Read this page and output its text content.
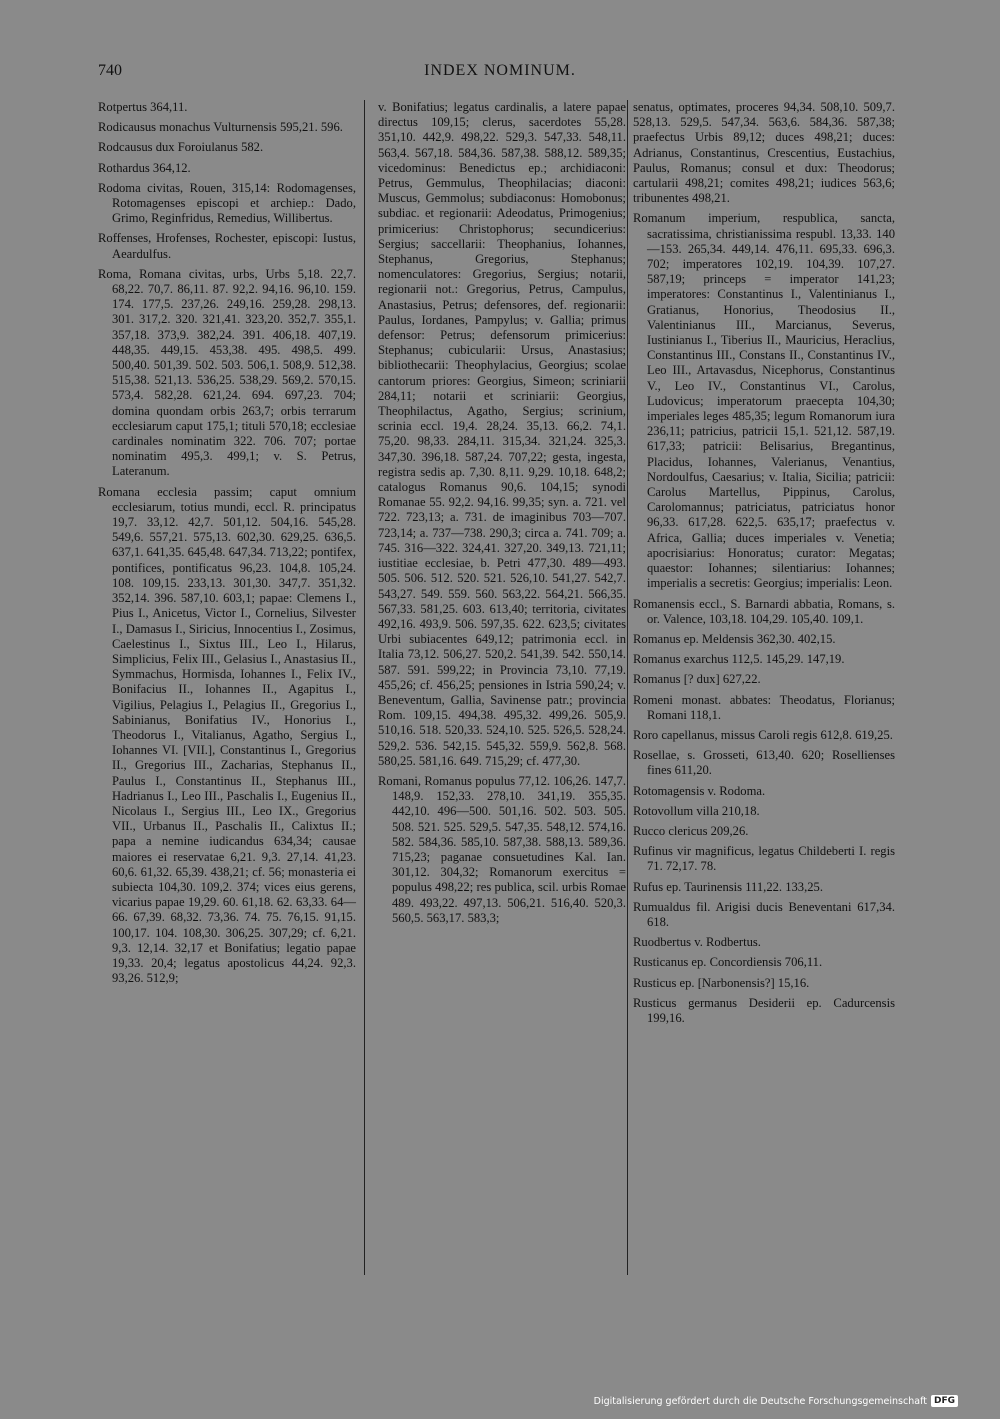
740	INDEX NOMINUM.

Rotpertus 364,11.

Rodicausus monachus Vulturnensis 595,21. 596.

Rodcausus dux Foroiulanus 582.

Rothardus 364,12.

Rodoma civitas, Rouen, 315,14: Rodomagenses, Rotomagenses episcopi et archiep.: Dado, Grimo, Reginfridus, Remedius, Willibertus.

Roffenses, Hrofenses, Rochester, episcopi: Iustus, Aeardulfus.

Roma, Romana civitas, urbs, Urbs 5,18. 22,7. 68,22. 70,7. 86,11. 87. 92,2. 94,16. 96,10. 159. 174. 177,5. 237,26. 249,16. 259,28. 298,13. 301. 317,2. 320. 321,41. 323,20. 352,7. 355,1. 357,18. 373,9. 382,24. 391. 406,18. 407,19. 448,35. 449,15. 453,38. 495. 498,5. 499. 500,40. 501,39. 502. 503. 506,1. 508,9. 512,38. 515,38. 521,13. 536,25. 538,29. 569,2. 570,15. 573,4. 582,28. 621,24. 694. 697,23. 704; domina quondam orbis 263,7; orbis terrarum ecclesiarum caput 175,1; tituli 570,18; ecclesiae cardinales nominatim 322. 706. 707; portae nominatim 495,3. 499,1; v. S. Petrus, Lateranum.

Romana ecclesia passim; caput omnium ecclesiarum, totius mundi, eccl. R. principatus 19,7. 33,12. 42,7. 501,12. 504,16. 545,28. 549,6. 557,21. 575,13. 602,30. 629,25. 636,5. 637,1. 641,35. 645,48. 647,34. 713,22; pontifex, pontifices, pontificatus 96,23. 104,8. 105,24. 108. 109,15. 233,13. 301,30. 347,7. 351,32. 352,14. 396. 587,10. 603,1; papae: Clemens I., Pius I., Anicetus, Victor I., Cornelius, Silvester I., Damasus I., Siricius, Innocentius I., Zosimus, Caelestinus I., Sixtus III., Leo I., Hilarus, Simplicius, Felix III., Gelasius I., Anastasius II., Symmachus, Hormisda, Iohannes I., Felix IV., Bonifacius II., Iohannes II., Agapitus I., Vigilius, Pelagius I., Pelagius II., Gregorius I., Sabinianus, Bonifatius IV., Honorius I., Theodorus I., Vitalianus, Agatho, Sergius I., Iohannes VI. [VII.], Constantinus I., Gregorius II., Gregorius III., Zacharias, Stephanus II., Paulus I., Constantinus II., Stephanus III., Hadrianus I., Leo III., Paschalis I., Eugenius II., Nicolaus I., Sergius III., Leo IX., Gregorius VII., Urbanus II., Paschalis II., Calixtus II.; papa a nemine iudicandus 634,34; causae maiores ei reservatae 6,21. 9,3. 27,14. 41,23. 60,6. 61,32. 65,39. 438,21; cf. 56; monasteria ei subiecta 104,30. 109,2. 374; vices eius gerens, vicarius papae 19,29. 60. 61,18. 62. 63,33. 64—66. 67,39. 68,32. 73,36. 74. 75. 76,15. 91,15. 100,17. 104. 108,30. 306,25. 307,29; cf. 6,21. 9,3. 12,14. 32,17 et Bonifatius; legatio papae 19,33. 20,4; legatus apostolicus 44,24. 92,3. 93,26. 512,9;

v. Bonifatius; legatus cardinalis, a latere papae directus 109,15; clerus, sacerdotes 55,28. 351,10. 442,9. 498,22. 529,3. 547,33. 548,11. 563,4. 567,18. 584,36. 587,38. 588,12. 589,35; vicedominus: Benedictus ep.; archidiaconi: Petrus, Gemmulus, Theophilacias; diaconi: Muscus, Gemmolus; subdiaconus: Homobonus; subdiac. et regionarii: Adeodatus, Primogenius; primicerius: Christophorus; secundicerius: Sergius; saccellarii: Theophanius, Iohannes, Stephanus, Gregorius, Stephanus; nomenculatores: Gregorius, Sergius; notarii, regionarii not.: Gregorius, Petrus, Campulus, Anastasius, Petrus; defensores, def. regionarii: Paulus, Iordanes, Pampylus; v. Gallia; primus defensor: Petrus; defensorum primicerius: Stephanus; cubicularii: Ursus, Anastasius; bibliothecarii: Theophylacius, Georgius; scolae cantorum priores: Georgius, Simeon; scriniarii 284,11; notarii et scriniarii: Georgius, Theophilactus, Agatho, Sergius; scrinium, scrinia eccl. 19,4. 28,24. 35,13. 66,2. 74,1. 75,20. 98,33. 284,11. 315,34. 321,24. 325,3. 347,30. 396,18. 587,24. 707,22; gesta, ingesta, registra sedis ap. 7,30. 8,11. 9,29. 10,18. 648,2; catalogus Romanus 90,6. 104,15; synodi Romanae 55. 92,2. 94,16. 99,35; syn. a. 721. vel 722. 723,13; a. 731. de imaginibus 703—707. 723,14; a. 737—738. 290,3; circa a. 741. 709; a. 745. 316—322. 324,41. 327,20. 349,13. 721,11; iustitiae ecclesiae, b. Petri 477,30. 489—493. 505. 506. 512. 520. 521. 526,10. 541,27. 542,7. 543,27. 549. 559. 560. 563,22. 564,21. 566,35. 567,33. 581,25. 603. 613,40; territoria, civitates 492,16. 493,9. 506. 597,35. 622. 623,5; civitates Urbi subiacentes 649,12; patrimonia eccl. in Italia 73,12. 506,27. 520,2. 541,39. 542. 550,14. 587. 591. 599,22; in Provincia 73,10. 77,19. 455,26; cf. 456,25; pensiones in Istria 590,24; v. Beneventum, Gallia, Savinense patr.; provincia Rom. 109,15. 494,38. 495,32. 499,26. 505,9. 510,16. 518. 520,33. 524,10. 525. 526,5. 528,24. 529,2. 536. 542,15. 545,32. 559,9. 562,8. 568. 580,25. 581,16. 649. 715,29; cf. 477,30.

Romani, Romanus populus 77,12. 106,26. 147,7. 148,9. 152,33. 278,10. 341,19. 355,35. 442,10. 496—500. 501,16. 502. 503. 505. 508. 521. 525. 529,5. 547,35. 548,12. 574,16. 582. 584,36. 585,10. 587,38. 588,13. 589,36. 715,23; paganae consuetudines Kal. Ian. 301,12. 304,32; Romanorum exercitus = populus 498,22; res publica, scil. urbis Romae 489. 493,22. 497,13. 506,21. 516,40. 520,3. 560,5. 563,17. 583,3;

senatus, optimates, proceres 94,34. 508,10. 509,7. 528,13. 529,5. 547,34. 563,6. 584,36. 587,38; praefectus Urbis 89,12; duces 498,21; duces: Adrianus, Constantinus, Crescentius, Eustachius, Paulus, Romanus; consul et dux: Theodorus; cartularii 498,21; comites 498,21; iudices 563,6; tribunentes 498,21.

Romanum imperium, respublica, sancta, sacratissima, christianissima respubl. 13,33. 140—153. 265,34. 449,14. 476,11. 695,33. 696,3. 702; imperatores 102,19. 104,39. 107,27. 587,19; princeps = imperator 141,23; imperatores: Constantinus I., Valentinianus I., Gratianus, Honorius, Theodosius II., Valentinianus III., Marcianus, Severus, Iustinianus I., Tiberius II., Mauricius, Heraclius, Constantinus III., Constans II., Constantinus IV., Leo III., Artavasdus, Nicephorus, Constantinus V., Leo IV., Constantinus VI., Carolus, Ludovicus; imperatorum praecepta 104,30; imperiales leges 485,35; legum Romanorum iura 236,11; patricius, patricii 15,1. 521,12. 587,19. 617,33; patricii: Belisarius, Bregantinus, Placidus, Iohannes, Valerianus, Venantius, Nordoulfus, Caesarius; v. Italia, Sicilia; patricii: Carolus Martellus, Pippinus, Carolus, Carolomannus; patriciatus, patriciatus honor 96,33. 617,28. 622,5. 635,17; praefectus v. Africa, Gallia; duces imperiales v. Venetia; apocrisiarius: Honoratus; curator: Megatas; quaestor: Iohannes; silentiarius: Iohannes; imperialis a secretis: Georgius; imperialis: Leon.

Romanensis eccl., S. Barnardi abbatia, Romans, s. or. Valence, 103,18. 104,29. 105,40. 109,1.

Romanus ep. Meldensis 362,30. 402,15.

Romanus exarchus 112,5. 145,29. 147,19.

Romanus [? dux] 627,22.

Romeni monast. abbates: Theodatus, Florianus; Romani 118,1.

Roro capellanus, missus Caroli regis 612,8. 619,25.

Rosellae, s. Grosseti, 613,40. 620; Rosellienses fines 611,20.

Rotomagensis v. Rodoma.

Rotovollum villa 210,18.

Rucco clericus 209,26.

Rufinus vir magnificus, legatus Childeberti I. regis 71. 72,17. 78.

Rufus ep. Taurinensis 111,22. 133,25.

Rumualdus fil. Arigisi ducis Beneventani 617,34. 618.

Ruodbertus v. Rodbertus.

Rusticanus ep. Concordiensis 706,11.

Rusticus ep. [Narbonensis?] 15,16.

Rusticus germanus Desiderii ep. Cadurcensis 199,16.

Digitalisierung gefördert durch die Deutsche Forschungsgemeinschaft DFG
